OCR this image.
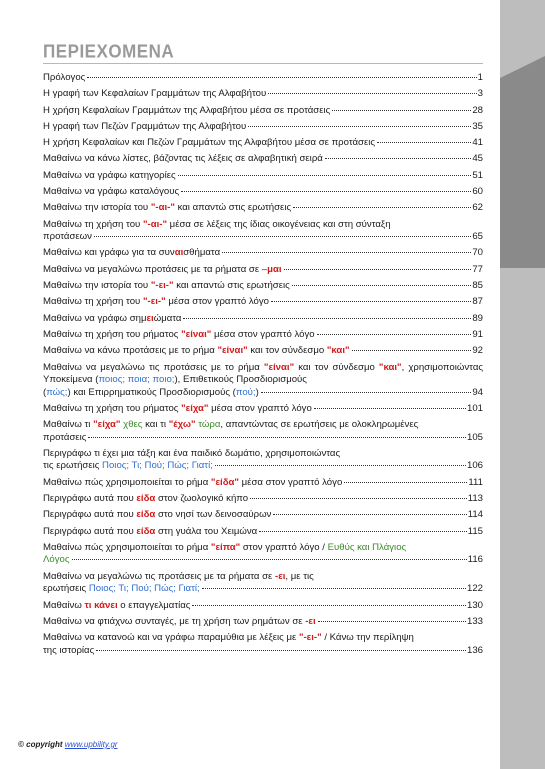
Περιεχόμενα
ΠΕΡΙΕΧΟΜΕΝΑ
Πρόλογος	1
Η γραφή των Κεφαλαίων Γραμμάτων της Αλφαβήτου	3
Η χρήση Κεφαλαίων Γραμμάτων της Αλφαβήτου μέσα σε προτάσεις	28
Η γραφή των Πεζών Γραμμάτων της Αλφαβήτου	35
Η χρήση Κεφαλαίων και Πεζών Γραμμάτων της Αλφαβήτου μέσα σε προτάσεις	41
Μαθαίνω να κάνω λίστες, βάζοντας τις λέξεις σε αλφαβητική σειρά	45
Μαθαίνω να γράφω κατηγορίες	51
Μαθαίνω να γράφω καταλόγους	60
Μαθαίνω την ιστορία του "-αι-" και απαντώ στις ερωτήσεις	62
Μαθαίνω τη χρήση του "-αι-" μέσα σε λέξεις της ίδιας οικογένειας και στη σύνταξη
προτάσεων	65
Μαθαίνω και γράφω για τα συναισθήματα	70
Μαθαίνω να μεγαλώνω προτάσεις με τα ρήματα σε –μαι	77
Μαθαίνω την ιστορία του "-ει-" και απαντώ στις ερωτήσεις	85
Μαθαίνω τη χρήση του "-ει-" μέσα στον γραπτό λόγο	87
Μαθαίνω να γράφω σημειώματα	89
Μαθαίνω τη χρήση του ρήματος "είναι" μέσα στον γραπτό λόγο	91
Μαθαίνω να κάνω προτάσεις με το ρήμα "είναι" και τον σύνδεσμο "και"	92
Μαθαίνω να μεγαλώνω τις προτάσεις με το ρήμα "είναι" και τον σύνδεσμο "και", χρησιμοποιώντας Υποκείμενα (ποιος; ποια; ποιο;), Επιθετικούς Προσδιορισμούς
(πώς;) και Επιρρηματικούς Προσδιορισμούς (πού;)	94
Μαθαίνω τη χρήση του ρήματος "είχα" μέσα στον γραπτό λόγο	101
Μαθαίνω τι "είχα" χθες και τι "έχω" τώρα, απαντώντας σε ερωτήσεις με ολοκληρωμένες
προτάσεις	105
Περιγράφω τι έχει μια τάξη και ένα παιδικό δωμάτιο, χρησιμοποιώντας
τις ερωτήσεις Ποιος; Τι; Πού; Πώς; Γιατί;	106
Μαθαίνω πώς χρησιμοποιείται το ρήμα "είδα" μέσα στον γραπτό λόγο	111
Περιγράφω αυτά που είδα στον ζωολογικό κήπο	113
Περιγράφω αυτά που είδα στο νησί των δεινοσαύρων	114
Περιγράφω αυτά που είδα στη γυάλα του Χειμώνα	115
Μαθαίνω πώς χρησιμοποιείται το ρήμα "είπα" στον γραπτό λόγο / Ευθύς και Πλάγιος
Λόγος	116
Μαθαίνω να μεγαλώνω τις προτάσεις με τα ρήματα σε -ει, με τις
ερωτήσεις Ποιος; Τι; Πού; Πώς; Γιατί;	122
Μαθαίνω τι κάνει ο επαγγελματίας	130
Μαθαίνω να φτιάχνω συνταγές, με τη χρήση των ρημάτων σε -ει	133
Μαθαίνω να κατανοώ και να γράφω παραμύθια με λέξεις με "-ει-" / Κάνω την περίληψη
της ιστορίας	136
© copyright www.upbility.gr
